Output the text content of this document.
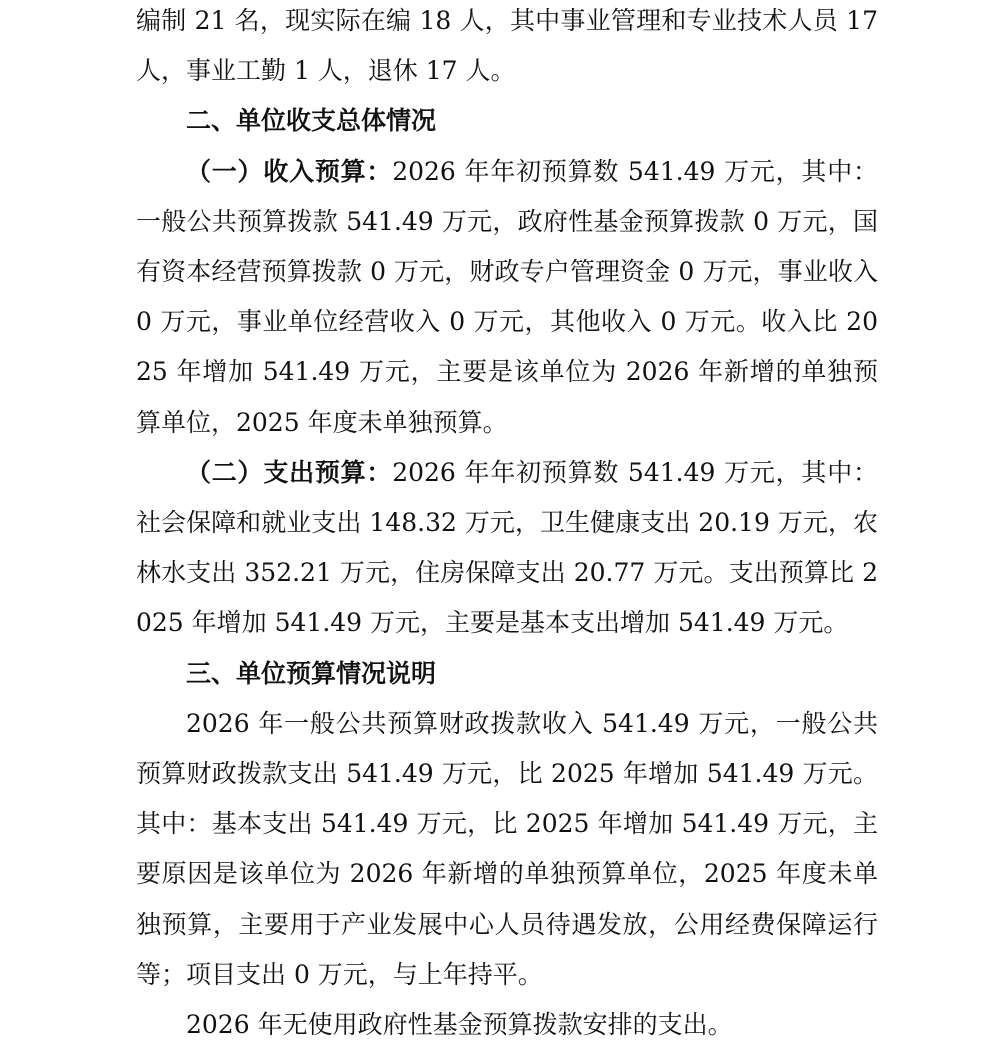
编制 21 名，现实际在编 18 人，其中事业管理和专业技术人员 17 人，事业工勤 1 人，退休 17 人。

二、单位收支总体情况

（一）收入预算：2026 年年初预算数 541.49 万元，其中：一般公共预算拨款 541.49 万元，政府性基金预算拨款 0 万元，国有资本经营预算拨款 0 万元，财政专户管理资金 0 万元，事业收入 0 万元，事业单位经营收入 0 万元，其他收入 0 万元。收入比 2025 年增加 541.49 万元，主要是该单位为 2026 年新增的单独预算单位，2025 年度未单独预算。

（二）支出预算：2026 年年初预算数 541.49 万元，其中：社会保障和就业支出 148.32 万元，卫生健康支出 20.19 万元，农林水支出 352.21 万元，住房保障支出 20.77 万元。支出预算比 2025 年增加 541.49 万元，主要是基本支出增加 541.49 万元。

三、单位预算情况说明

2026 年一般公共预算财政拨款收入 541.49 万元，一般公共预算财政拨款支出 541.49 万元，比 2025 年增加 541.49 万元。其中：基本支出 541.49 万元，比 2025 年增加 541.49 万元，主要原因是该单位为 2026 年新增的单独预算单位，2025 年度未单独预算，主要用于产业发展中心人员待遇发放，公用经费保障运行等；项目支出 0 万元，与上年持平。

2026 年无使用政府性基金预算拨款安排的支出。
